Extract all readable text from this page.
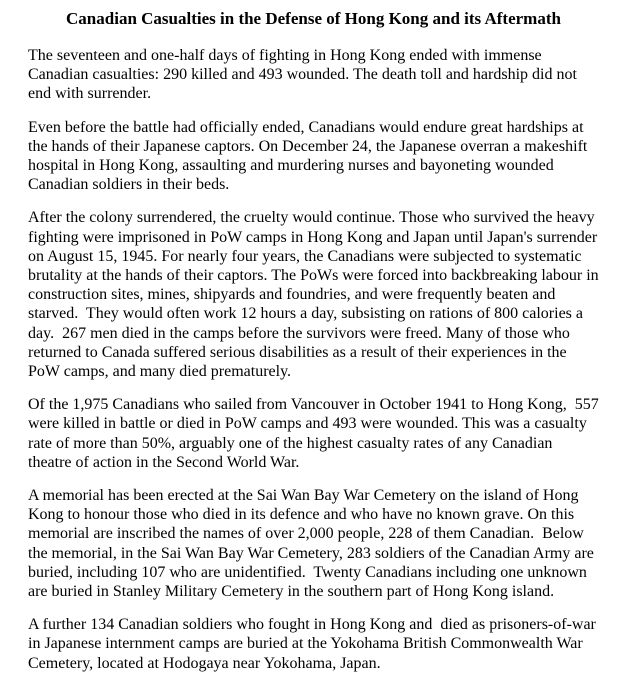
Canadian Casualties in the Defense of Hong Kong and its Aftermath

The seventeen and one-half days of fighting in Hong Kong ended with immense Canadian casualties: 290 killed and 493 wounded. The death toll and hardship did not end with surrender.

Even before the battle had officially ended, Canadians would endure great hardships at the hands of their Japanese captors. On December 24, the Japanese overran a makeshift hospital in Hong Kong, assaulting and murdering nurses and bayoneting wounded Canadian soldiers in their beds.

After the colony surrendered, the cruelty would continue. Those who survived the heavy fighting were imprisoned in PoW camps in Hong Kong and Japan until Japan's surrender on August 15, 1945. For nearly four years, the Canadians were subjected to systematic brutality at the hands of their captors. The PoWs were forced into backbreaking labour in construction sites, mines, shipyards and foundries, and were frequently beaten and starved.  They would often work 12 hours a day, subsisting on rations of 800 calories a day.  267 men died in the camps before the survivors were freed. Many of those who returned to Canada suffered serious disabilities as a result of their experiences in the PoW camps, and many died prematurely.

Of the 1,975 Canadians who sailed from Vancouver in October 1941 to Hong Kong,  557 were killed in battle or died in PoW camps and 493 were wounded. This was a casualty rate of more than 50%, arguably one of the highest casualty rates of any Canadian theatre of action in the Second World War.

A memorial has been erected at the Sai Wan Bay War Cemetery on the island of Hong Kong to honour those who died in its defence and who have no known grave. On this memorial are inscribed the names of over 2,000 people, 228 of them Canadian.  Below the memorial, in the Sai Wan Bay War Cemetery, 283 soldiers of the Canadian Army are buried, including 107 who are unidentified.  Twenty Canadians including one unknown are buried in Stanley Military Cemetery in the southern part of Hong Kong island.

A further 134 Canadian soldiers who fought in Hong Kong and  died as prisoners-of-war in Japanese internment camps are buried at the Yokohama British Commonwealth War Cemetery, located at Hodogaya near Yokohama, Japan.
